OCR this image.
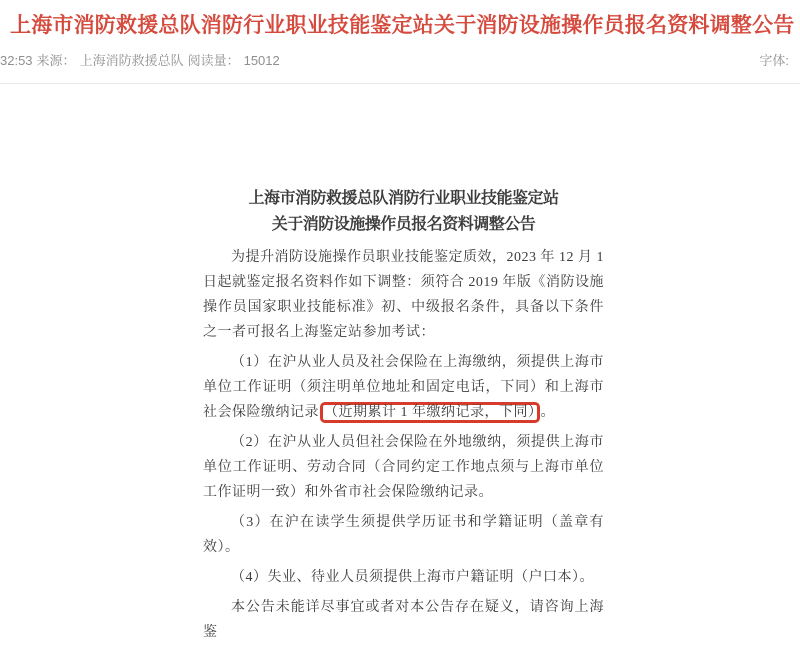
上海市消防救援总队消防行业职业技能鉴定站关于消防设施操作员报名资料调整公告
32:53 来源： 上海消防救援总队 阅读量： 15012	字体:
上海市消防救援总队消防行业职业技能鉴定站
关于消防设施操作员报名资料调整公告

为提升消防设施操作员职业技能鉴定质效，2023 年 12 月 1 日起就鉴定报名资料作如下调整：须符合 2019 年版《消防设施操作员国家职业技能标准》初、中级报名条件，具备以下条件之一者可报名上海鉴定站参加考试：

（1）在沪从业人员及社会保险在上海缴纳，须提供上海市单位工作证明（须注明单位地址和固定电话，下同）和上海市社会保险缴纳记录 （近期累计 1 年缴纳记录，下同） 。

（2）在沪从业人员但社会保险在外地缴纳，须提供上海市单位工作证明、劳动合同（合同约定工作地点须与上海市单位工作证明一致）和外省市社会保险缴纳记录。

（3）在沪在读学生须提供学历证书和学籍证明（盖章有效）。

（4）失业、待业人员须提供上海市户籍证明（户口本）。

本公告未能详尽事宜或者对本公告存在疑义，请咨询上海鉴
